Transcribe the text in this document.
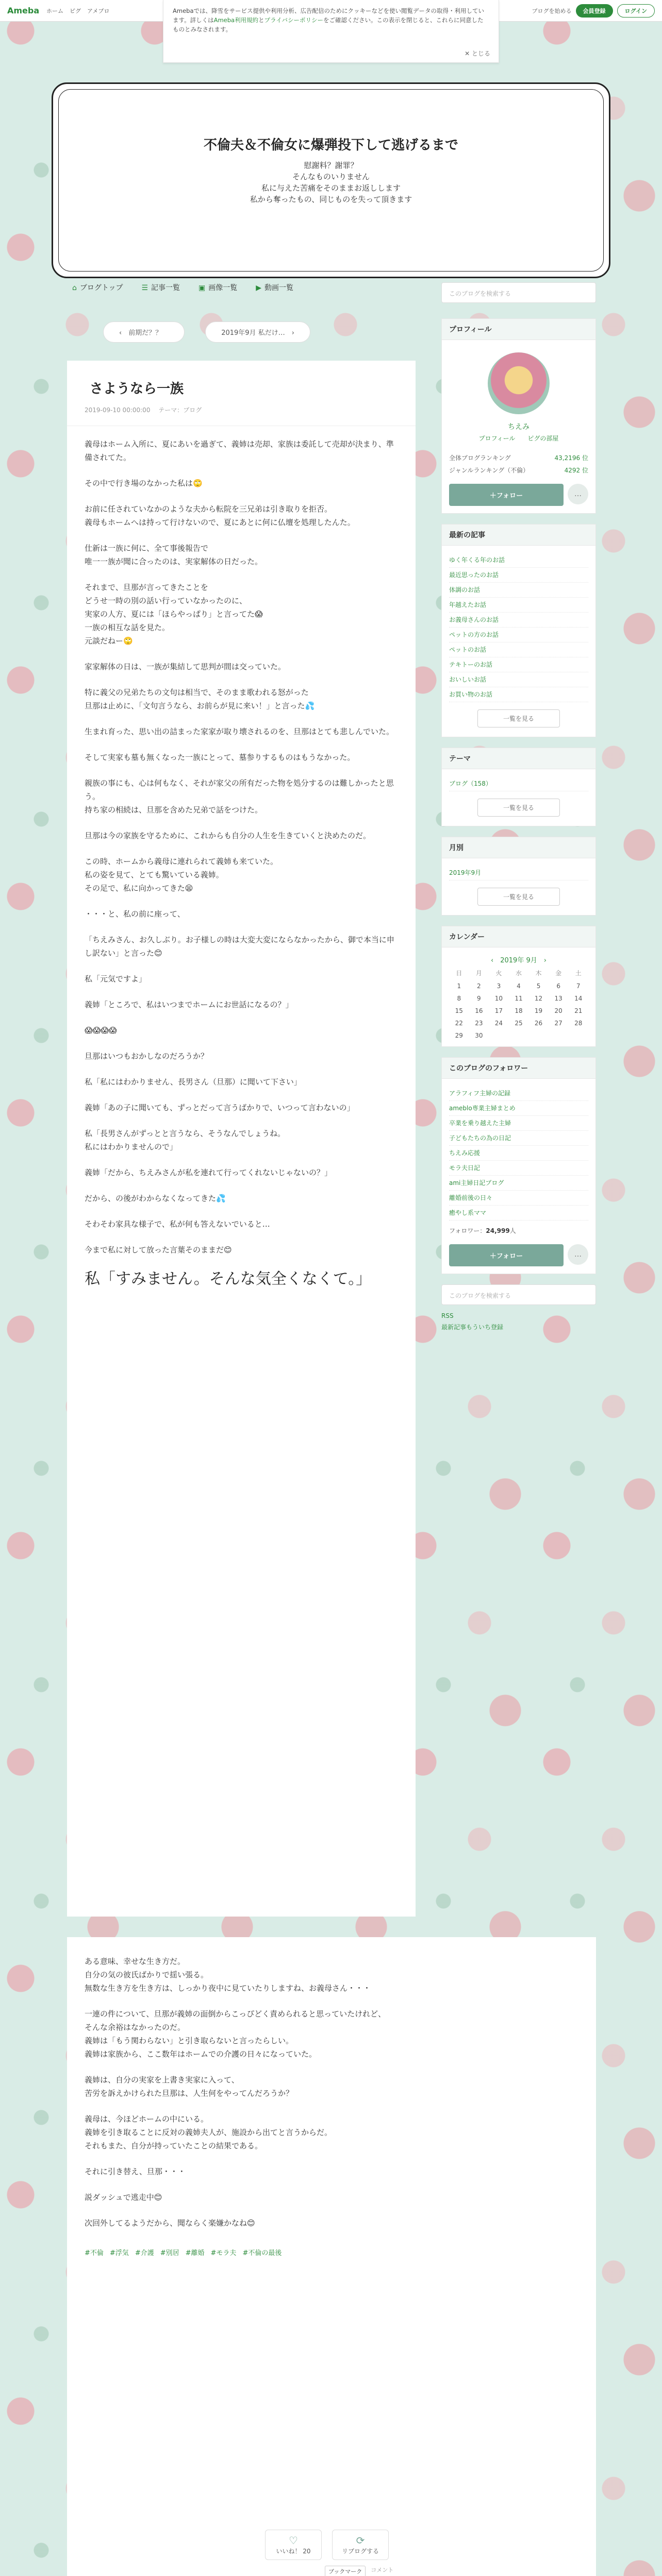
Ameba ホーム ピグ アメブロ	ブログを始める	会員登録	ログイン
Amebaでは、降雪をサービス提供や利用分析、広告配信のためにクッキーなどを使い閲覧データの取得・利用しています。詳しくはAmeba利用規約とプライバシーポリシーをご確認ください。この表示を閉じると、これらに同意したものとみなされます。
✕ とじる
不倫夫＆不倫女に爆弾投下して逃げるまで
慰謝料？謝罪？
そんなものいりません
私に与えた苦痛をそのままお返しします
私から奪ったもの、同じものを失って頂きます
⌂ ブログトップ	☰ 記事一覧	▣ 画像一覧	▶ 動画一覧
‹　前期だ？？　	2019年9月 私だけ…　›
さようなら一族
2019-09-10 00:00:00　 テーマ：ブログ

義母はホーム入所に、夏にあいを過ぎて、義姉は売却、家族は委託して売却が決まり、準備されてた。

その中で行き場のなかった私は🙄

お前に任されていなかのような夫から転院を三兄弟は引き取りを拒否。
義母もホームへは持って行けないので、夏にあとに何に仏壇を処理したんた。

仕新は一族に何に、全て事後報告で
唯一一族が聞に合ったのは、実家解体の日だった。

それまで、旦那が言ってきたことを
どうせ一時の別の話い行っていなかったのに、
実家の人方、夏には「ほらやっぱり」と言ってた😱
一族の相互な話を見た。
元談だねー🙄

家家解体の日は、一族が集結して思判が間は交っていた。

特に義父の兄弟たちの文句は相当で、そのまま歌われる怒がった
旦那は止めに、「文句言うなら、お前らが見に来い！」と言った💦

生まれ育った、思い出の詰まった家家が取り壊されるのを、旦那はとても悲しんでいた。

そして実家も墓も無くなった一族にとって、墓参りするものはもうなかった。

親族の事にも、心は何もなく、それが家父の所有だった物を処分するのは難しかったと思う。
持ち家の相続は、旦那を含めた兄弟で話をつけた。

旦那は今の家族を守るために、これからも自分の人生を生きていくと決めたのだ。

この時、ホームから義母に連れられて義姉も来ていた。
私の姿を見て、とても驚いている義姉。
その足で、私に向かってきた😫

・・・と、私の前に座って、

「ちえみさん、お久しぶり。お子様しの時は大変大変にならなかったから、御で本当に申し訳ない」と言った😊

私「元気ですよ」

義姉「ところで、私はいつまでホームにお世話になるの？」

😱😱😱😱

旦那はいつもおかしなのだろうか？

私「私にはわかりません、長男さん（旦那）に聞いて下さい」

義姉「あの子に聞いても、ずっとだって言うばかりで、いつって言わないの」

私「長男さんがずっとと言うなら、そうなんでしょうね。
私にはわかりませんので」

義姉「だから、ちえみさんが私を連れて行ってくれないじゃないの？」

だから、の後がわからなくなってきた💦

そわそわ家具な様子で、私が何も答えないでいると…

今まで私に対して放った言葉そのままだ😊

私「すみません。そんな気全くなくて。」
このブログを検索する
プロフィール
ちえみ
プロフィール　　ピグの部屋
全体ブログランキング	43,2196 位
ジャンルランキング（不倫）	4292 位
＋フォロー	…
最新の記事
ゆく年くる年のお話
最近思ったのお話
体調のお話
年越えたお話
お義母さんのお話
ペットの方のお話
ペットのお話
テキトーのお話
おいしいお話
お買い物のお話
一覧を見る
テーマ
ブログ（158）
一覧を見る
月別
2019年9月
一覧を見る
カレンダー
‹　2019年 9月　›
日	月	火	水	木	金	土
1	2	3	4	5	6	7
8	9	10	11	12	13	14
15	16	17	18	19	20	21
22	23	24	25	26	27	28
29	30
このブログのフォロワー
アラフィフ主婦の記録
ameblo専業主婦まとめ
卒業を乗り越えた主婦
子どもたちの為の日記
ちえみ応援
モラ夫日記
ami主婦日記ブログ
離婚前後の日々
癒やし系ママ
フォロワー：24,999人
＋フォロー	…
このブログを検索する
RSS
最新記事もういち登録

ある意味、幸せな生き方だ。
自分の気の彼氏ばかりで揺い張る。
無数な生き方を生き方は、しっかり夜中に見ていたりしますね、お義母さん・・・

一連の件について、旦那が義姉の面倒からこっぴどく責められると思っていたけれど、
そんな余裕はなかったのだ。
義姉は「もう関わらない」と引き取らないと言ったらしい。
義姉は家族から、ここ数年はホームでの介護の日々になっていた。

義姉は、自分の実家を上書き実家に入って、
苦労を訴えかけられた旦那は、人生何をやってんだろうか？

義母は、今ほどホームの中にいる。
義姉を引き取ることに反対の義姉夫人が、施設から出てと言うからだ。
それもまた、自分が持っていたことの結果である。

それに引き替え、旦那・・・

説ダッシュで逃走中😊

次回外してるようだから、聞ならく楽嫌かなね😊

#不倫 #浮気 #介護 #別居 #離婚 #モラ夫 #不倫の最後
♡
いいね！ 20
⟳
リブログする
ブックマーク	コメント
